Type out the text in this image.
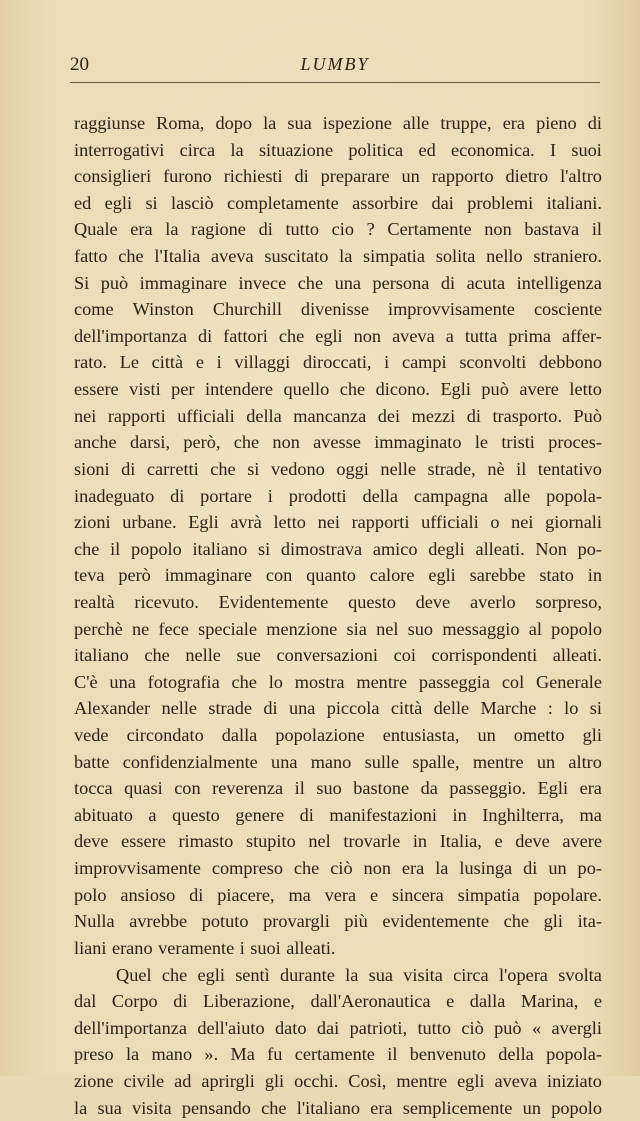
20	LUMBY
raggiunse Roma, dopo la sua ispezione alle truppe, era pieno di
interrogativi circa la situazione politica ed economica. I suoi
consiglieri furono richiesti di preparare un rapporto dietro l'altro
ed egli si lasciò completamente assorbire dai problemi italiani.
Quale era la ragione di tutto cio ? Certamente non bastava il
fatto che l'Italia aveva suscitato la simpatia solita nello straniero.
Si può immaginare invece che una persona di acuta intelligenza
come Winston Churchill divenisse improvvisamente cosciente
dell'importanza di fattori che egli non aveva a tutta prima affer-
rato. Le città e i villaggi diroccati, i campi sconvolti debbono
essere visti per intendere quello che dicono. Egli può avere letto
nei rapporti ufficiali della mancanza dei mezzi di trasporto. Può
anche darsi, però, che non avesse immaginato le tristi proces-
sioni di carretti che si vedono oggi nelle strade, nè il tentativo
inadeguato di portare i prodotti della campagna alle popola-
zioni urbane. Egli avrà letto nei rapporti ufficiali o nei giornali
che il popolo italiano si dimostrava amico degli alleati. Non po-
teva però immaginare con quanto calore egli sarebbe stato in
realtà ricevuto. Evidentemente questo deve averlo sorpreso,
perchè ne fece speciale menzione sia nel suo messaggio al popolo
italiano che nelle sue conversazioni coi corrispondenti alleati.
C'è una fotografia che lo mostra mentre passeggia col Generale
Alexander nelle strade di una piccola città delle Marche : lo si
vede circondato dalla popolazione entusiasta, un ometto gli
batte confidenzialmente una mano sulle spalle, mentre un altro
tocca quasi con reverenza il suo bastone da passeggio. Egli era
abituato a questo genere di manifestazioni in Inghilterra, ma
deve essere rimasto stupito nel trovarle in Italia, e deve avere
improvvisamente compreso che ciò non era la lusinga di un po-
polo ansioso di piacere, ma vera e sincera simpatia popolare.
Nulla avrebbe potuto provargli più evidentemente che gli ita-
liani erano veramente i suoi alleati.
Quel che egli sentì durante la sua visita circa l'opera svolta
dal Corpo di Liberazione, dall'Aeronautica e dalla Marina, e
dell'importanza dell'aiuto dato dai patrioti, tutto ciò può « avergli
preso la mano ». Ma fu certamente il benvenuto della popola-
zione civile ad aprirgli gli occhi. Così, mentre egli aveva iniziato
la sua visita pensando che l'italiano era semplicemente un popolo
